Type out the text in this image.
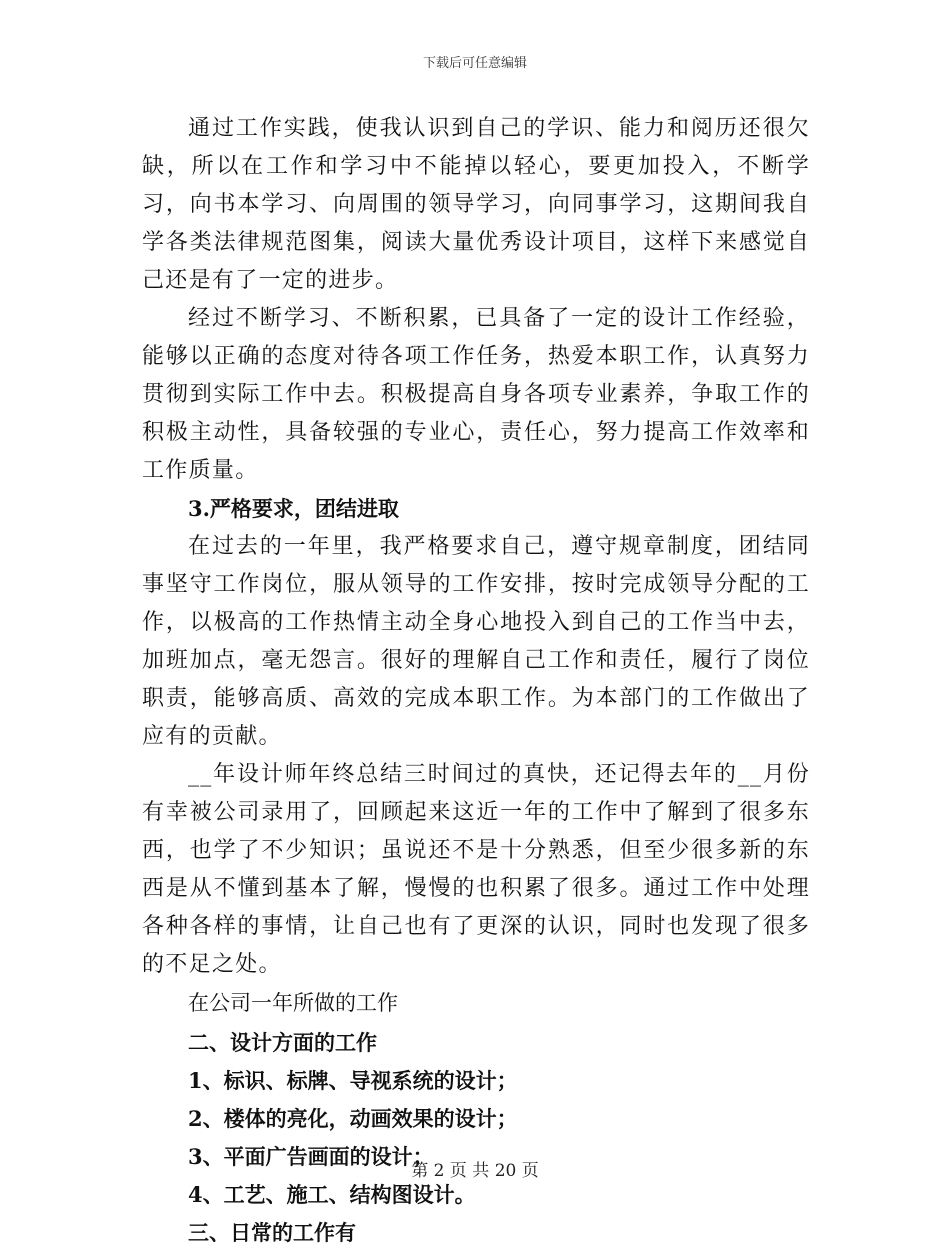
下载后可任意编辑

通过工作实践，使我认识到自己的学识、能力和阅历还很欠缺，所以在工作和学习中不能掉以轻心，要更加投入，不断学习，向书本学习、向周围的领导学习，向同事学习，这期间我自学各类法律规范图集，阅读大量优秀设计项目，这样下来感觉自己还是有了一定的进步。

经过不断学习、不断积累，已具备了一定的设计工作经验，能够以正确的态度对待各项工作任务，热爱本职工作，认真努力贯彻到实际工作中去。积极提高自身各项专业素养，争取工作的积极主动性，具备较强的专业心，责任心，努力提高工作效率和工作质量。

3.严格要求，团结进取

在过去的一年里，我严格要求自己，遵守规章制度，团结同事坚守工作岗位，服从领导的工作安排，按时完成领导分配的工作，以极高的工作热情主动全身心地投入到自己的工作当中去，加班加点，毫无怨言。很好的理解自己工作和责任，履行了岗位职责，能够高质、高效的完成本职工作。为本部门的工作做出了应有的贡献。

__年设计师年终总结三时间过的真快，还记得去年的__月份有幸被公司录用了，回顾起来这近一年的工作中了解到了很多东西，也学了不少知识；虽说还不是十分熟悉，但至少很多新的东西是从不懂到基本了解，慢慢的也积累了很多。通过工作中处理各种各样的事情，让自己也有了更深的认识，同时也发现了很多的不足之处。

在公司一年所做的工作

二、设计方面的工作

1、标识、标牌、导视系统的设计；

2、楼体的亮化，动画效果的设计；

3、平面广告画面的设计；

4、工艺、施工、结构图设计。

三、日常的工作有

第 2 页 共 20 页
